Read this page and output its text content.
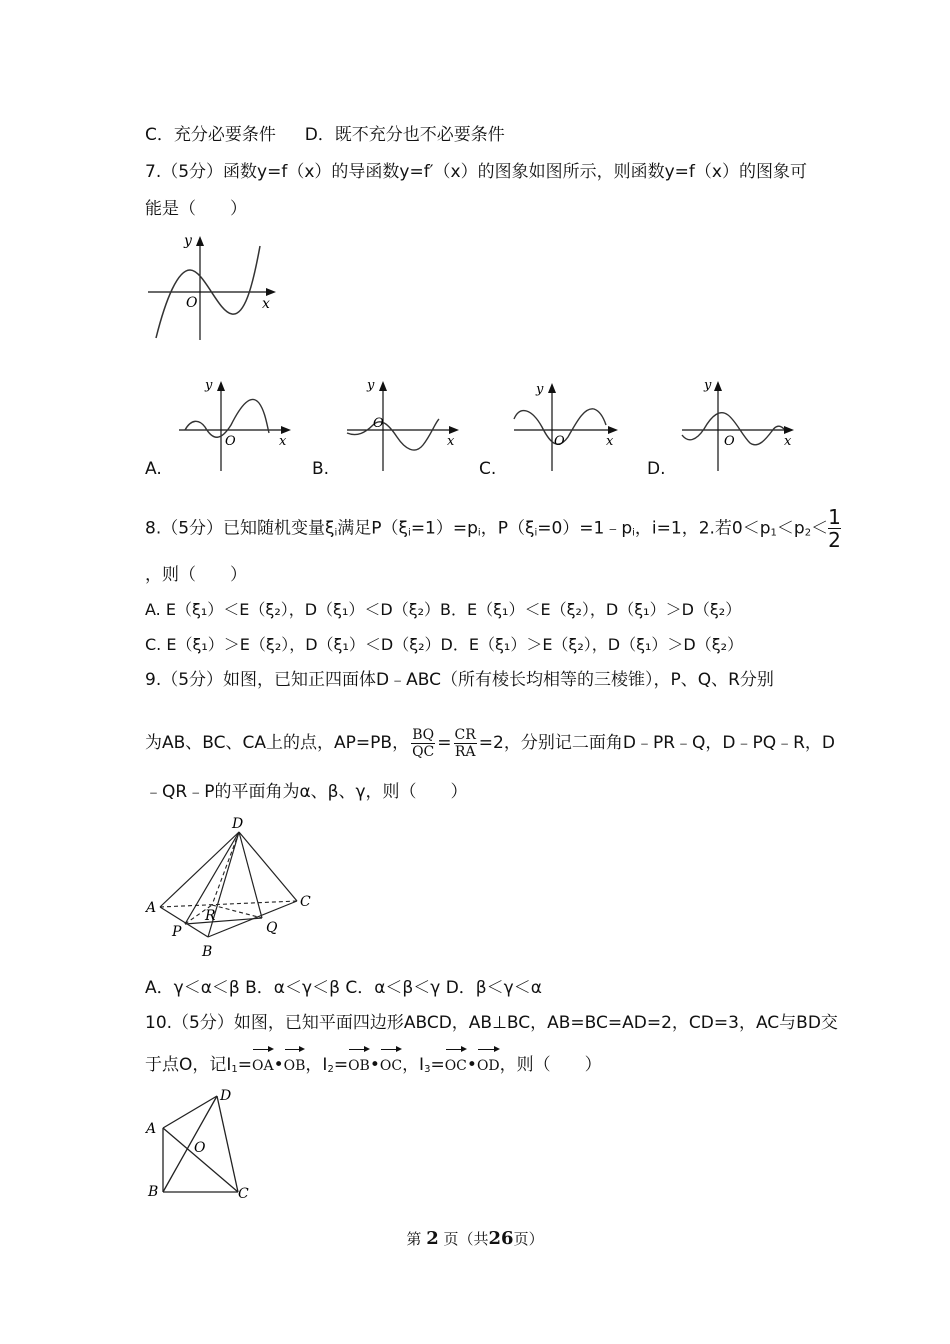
C．充分必要条件 D．既不充分也不必要条件
7.（5分）函数y=f（x）的导函数y=f′（x）的图象如图所示，则函数y=f（x）的图象可
能是（　　）
y
x
O
y
x
O
y
x
O
y
x
O
y
x
O
A.	B.	C.	D.
8.（5分）已知随机变量$\xi_i$满足$P(\xi_i=1)=p_i$，$P(\xi_i=0)=1﹣p_i$，i=1，2.若$0<p_1<p_2< \frac{1}{2}$
，则（　　）
A. E（ξ₁）＜E（ξ₂），D（ξ₁）＜D（ξ₂）B．E（ξ₁）＜E（ξ₂），D（ξ₁）＞D（ξ₂）
C. E（ξ₁）＞E（ξ₂），D（ξ₁）＜D（ξ₂）D．E（ξ₁）＞E（ξ₂），D（ξ₁）＞D（ξ₂）
9.（5分）如图，已知正四面体D﹣ABC（所有棱长均相等的三棱锥），P、Q、R分别
为AB、BC、CA上的点，AP=PB， $\frac{BQ}{QC} = \frac{CR}{RA} =2$，分别记二面角D﹣PR﹣Q，D﹣PQ﹣R，D
﹣QR﹣P的平面角为α、β、γ，则（　　）
D
A	C
R
P	Q
B
A．γ＜α＜β B．α＜γ＜β C．α＜β＜γ D．β＜γ＜α
10.（5分）如图，已知平面四边形ABCD，AB⊥BC，AB=BC=AD=2，CD=3，AC与BD交
于点O，记$I_1=OA•OB$，$I_2=OB•OC$，$I_3=OC•OD$，则（　　）
D
A
O
B	C
第 2 页（共26页）
